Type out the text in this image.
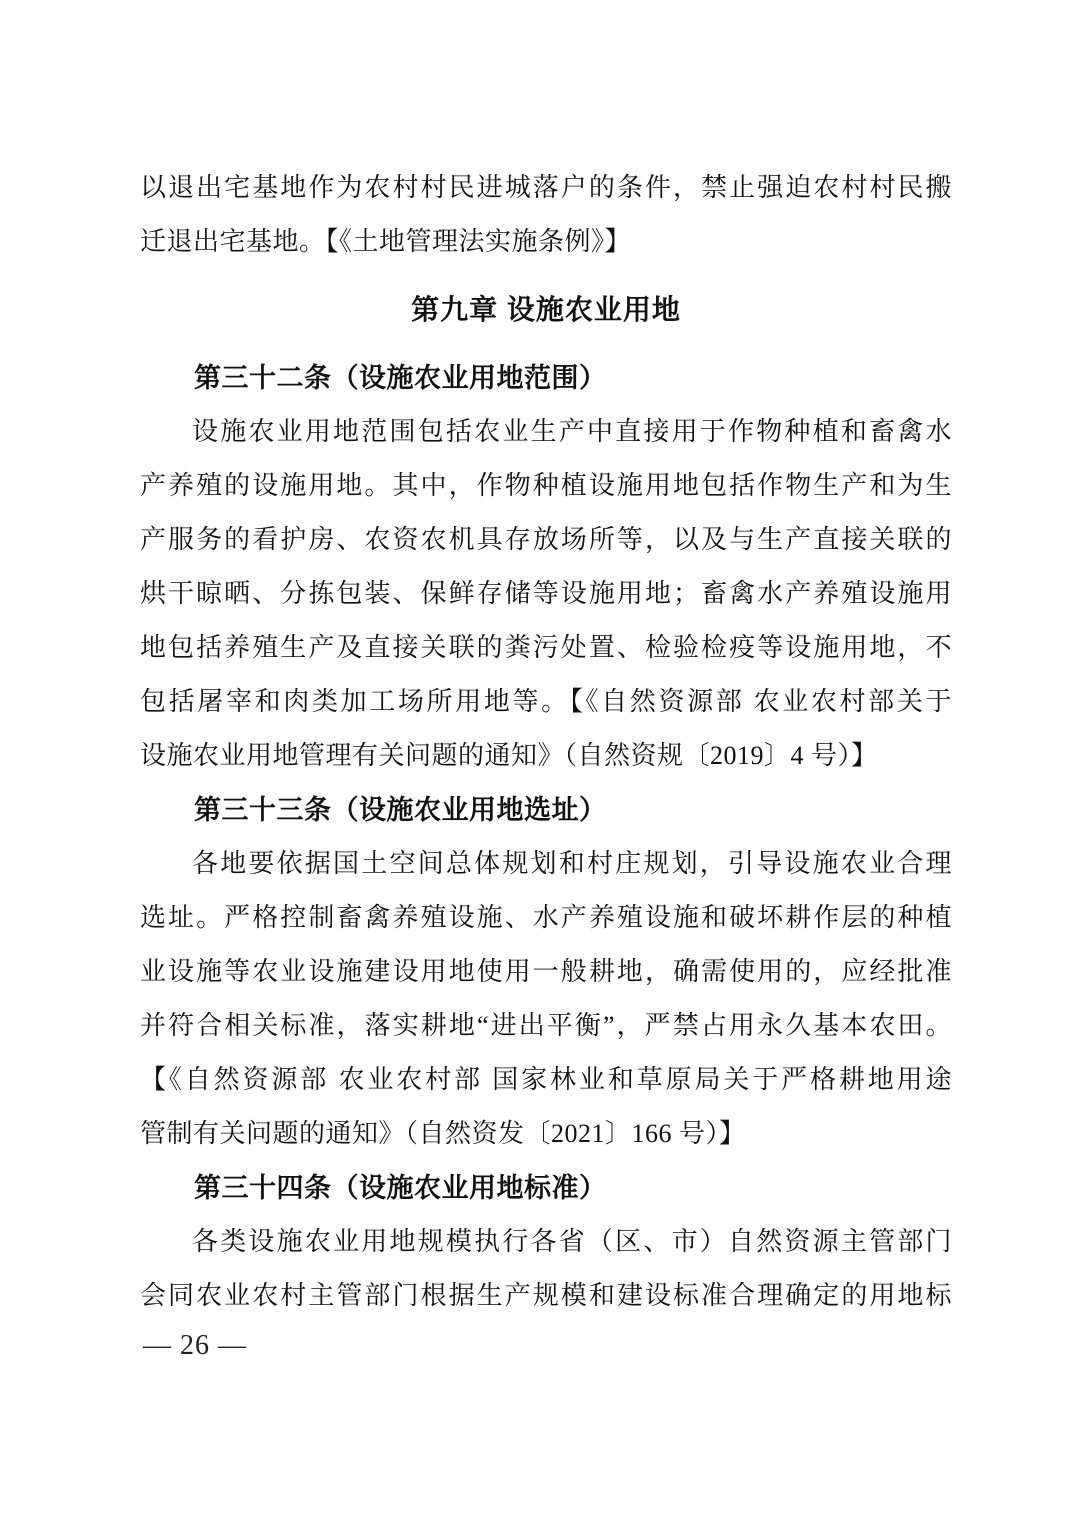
以退出宅基地作为农村村民进城落户的条件，禁止强迫农村村民搬
迁退出宅基地。【《土地管理法实施条例》】
第九章 设施农业用地
第三十二条（设施农业用地范围）
设施农业用地范围包括农业生产中直接用于作物种植和畜禽水
产养殖的设施用地。其中，作物种植设施用地包括作物生产和为生
产服务的看护房、农资农机具存放场所等，以及与生产直接关联的
烘干晾晒、分拣包装、保鲜存储等设施用地；畜禽水产养殖设施用
地包括养殖生产及直接关联的粪污处置、检验检疫等设施用地，不
包括屠宰和肉类加工场所用地等。【《自然资源部 农业农村部关于
设施农业用地管理有关问题的通知》（自然资规〔2019〕4 号）】
第三十三条（设施农业用地选址）
各地要依据国土空间总体规划和村庄规划，引导设施农业合理
选址。严格控制畜禽养殖设施、水产养殖设施和破坏耕作层的种植
业设施等农业设施建设用地使用一般耕地，确需使用的，应经批准
并符合相关标准，落实耕地“进出平衡”，严禁占用永久基本农田。
【《自然资源部 农业农村部 国家林业和草原局关于严格耕地用途
管制有关问题的通知》（自然资发〔2021〕166 号）】
第三十四条（设施农业用地标准）
各类设施农业用地规模执行各省（区、市）自然资源主管部门
会同农业农村主管部门根据生产规模和建设标准合理确定的用地标
— 26 —
